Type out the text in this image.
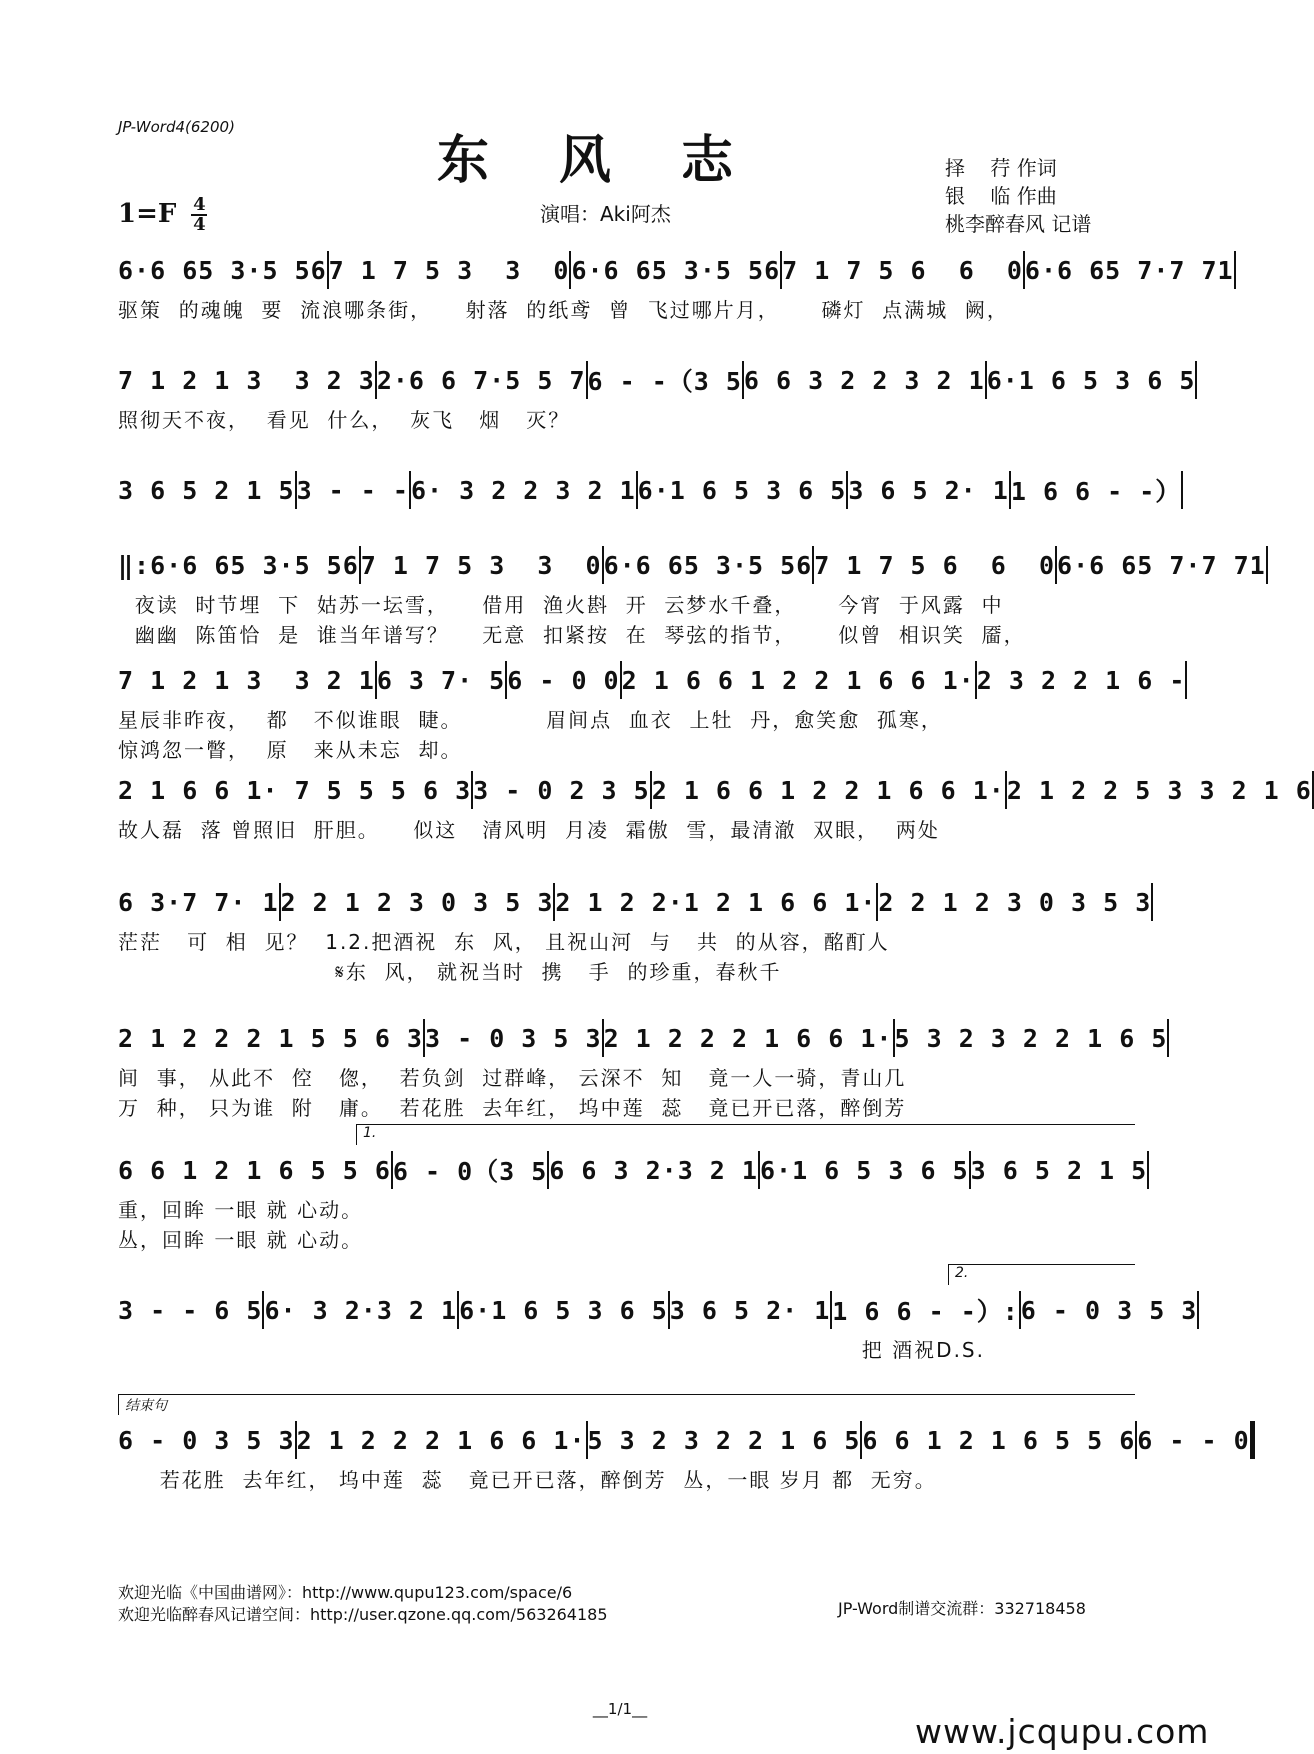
JP-Word4(6200)
东风志
$1=F \frac{4}{4}$	演唱：Aki阿杰
择    荇 作词
银    临 作曲
桃李醉春风 记谱
6·6 65 3·5 56 7 1 7 5 3  3  0 6·6 65 3·5 56 7 1 7 5 6  6  0 6·6 65 7·7 71
驱策  的魂魄  要  流浪哪条街，    射落  的纸鸢  曾  飞过哪片月，     磷灯  点满城  阙，
7 1 2 1 3  3 2 3 2·6 6 7·5 5 7 6 - -（3 5 6 6 3 2 2 3 2 1 6·1 6 5 3 6 5
照彻天不夜，  看见  什么，  灰飞   烟   灭？
3 6 5 2 1 5 3 - - - 6· 3 2 2 3 2 1 6·1 6 5 3 6 5 3 6 5 2· 1 1 6 6 - -）
‖: 6·6 65 3·5 56 7 1 7 5 3  3  0 6·6 65 3·5 56 7 1 7 5 6  6  0 6·6 65 7·7 71
夜读  时节埋  下  姑苏一坛雪，    借用  渔火斟  开  云梦水千叠，     今宵  于风露  中
幽幽  陈笛恰  是  谁当年谱写？    无意  扣紧按  在  琴弦的指节，     似曾  相识笑  靥，
7 1 2 1 3  3 2 1 6 3 7· 5 6 - 0 0 2 1 6 6 1 2 2 1 6 6 1· 2 3 2 2 1 6 -
星辰非昨夜，  都   不似谁眼  睫。          眉间点  血衣  上牡  丹，愈笑愈  孤寒，
惊鸿忽一瞥，  原   来从未忘  却。
2 1 6 6 1· 7 5 5 5 6 3 3 - 0 2 3 5 2 1 6 6 1 2 2 1 6 6 1· 2 1 2 2 5 3 3 2 1 6
故人磊  落 曾照旧  肝胆。    似这   清风明  月凌  霜傲  雪，最清澈  双眼，  两处
6 3·7 7· 1 2 2 1 2 3 0 3 5 3 2 1 2 2·1 2 1 6 6 1· 2 2 1 2 3 0 3 5 3
茫茫   可  相  见？  1.2.把酒祝  东  风， 且祝山河  与   共  的从容，酩酊人
𝄋东  风， 就祝当时  携   手  的珍重，春秋千
2 1 2 2 2 1 5 5 6 3 3 - 0 3 5 3 2 1 2 2 2 1 6 6 1· 5 3 2 3 2 2 1 6 5
间  事， 从此不  倥   偬，  若负剑  过群峰， 云深不  知   竟一人一骑，青山几
万  种， 只为谁  附   庸。  若花胜  去年红， 坞中莲  蕊   竟已开已落，醉倒芳
1.
6 6 1 2 1 6 5 5 6 6 - 0（3 5 6 6 3 2·3 2 1 6·1 6 5 3 6 5 3 6 5 2 1 5
重，回眸 一眼 就 心动。
丛，回眸 一眼 就 心动。
2.
3 - - 6 5 6· 3 2·3 2 1 6·1 6 5 3 6 5 3 6 5 2· 1 1 6 6 - -）: 6 - 0 3 5 3
把 酒祝D.S.
结束句
6 - 0 3 5 3 2 1 2 2 2 1 6 6 1· 5 3 2 3 2 2 1 6 5 6 6 1 2 1 6 5 5 6 6 - - 0
若花胜  去年红， 坞中莲  蕊   竟已开已落，醉倒芳  丛，一眼 岁月 都  无穷。
欢迎光临《中国曲谱网》：http://www.qupu123.com/space/6
欢迎光临醉春风记谱空间：http://user.qzone.qq.com/563264185	JP-Word制谱交流群：332718458
__1/1__
www.jcqupu.com
